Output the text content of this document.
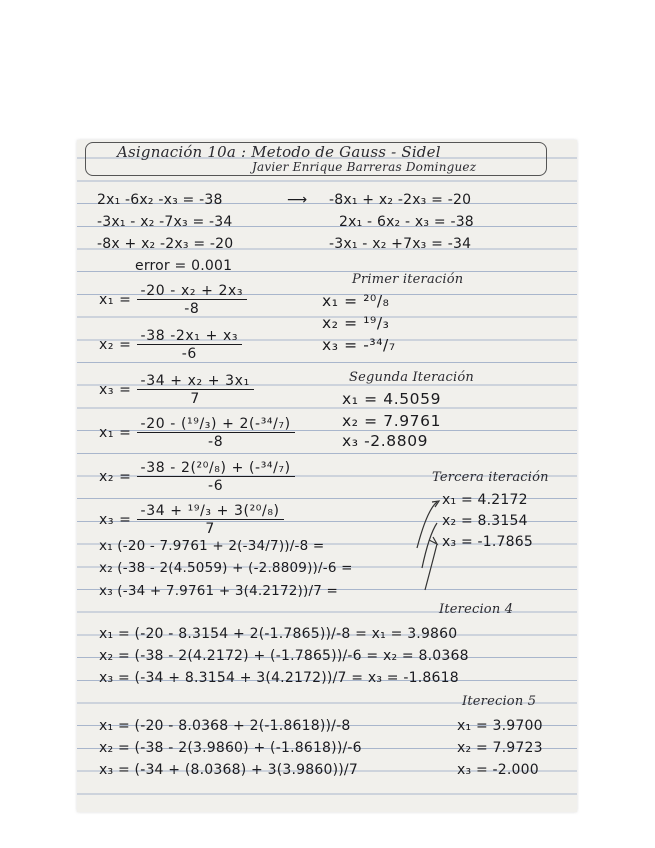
Asignación 10a : Metodo de Gauss - Sidel
Javier Enrique Barreras Dominguez
2x₁ -6x₂ -x₃ = -38
-3x₁ - x₂ -7x₃ = -34
-8x + x₂ -2x₃ = -20
error = 0.001
⟶ -8x₁ + x₂ -2x₃ = -20
2x₁ - 6x₂ - x₃ = -38
-3x₁ - x₂ +7x₃ = -34
$x_1 = \frac{\text{-20 - x₂ + 2x₃}}{-8}$
$x_2 = \frac{\text{-38 -2x₁ + x₃}}{-6}$
$x_3 = \frac{\text{-34 + x₂ + 3x₁}}{7}$
Primer iteración
x₁ = ²⁰/₈
x₂ = ¹⁹/₃
x₃ = -³⁴/₇
$x_1 = \frac{\text{-20 - (¹⁹/₃) + 2(-³⁴/₇)}}{-8}$
$x_2 = \frac{\text{-38 - 2(²⁰/₈) + (-³⁴/₇)}}{-6}$
$x_3 = \frac{\text{-34 + ¹⁹/₃ + 3(²⁰/₈)}}{7}$
Segunda Iteración
x₁ = 4.5059
x₂ = 7.9761
x₃ -2.8809
Tercera iteración
x₁ = 4.2172
x₂ = 8.3154
x₃ = -1.7865
x₁ (-20 - 7.9761 + 2(-34/7))/-8 =
x₂ (-38 - 2(4.5059) + (-2.8809))/-6 =
x₃ (-34 + 7.9761 + 3(4.2172))/7 =
Iterecion 4
x₁ = (-20 - 8.3154 + 2(-1.7865))/-8 = x₁ = 3.9860
x₂ = (-38 - 2(4.2172) + (-1.7865))/-6 = x₂ = 8.0368
x₃ = (-34 + 8.3154 + 3(4.2172))/7 = x₃ = -1.8618
Iterecion 5
x₁ = (-20 - 8.0368 + 2(-1.8618))/-8	x₁ = 3.9700
x₂ = (-38 - 2(3.9860) + (-1.8618))/-6	x₂ = 7.9723
x₃ = (-34 + (8.0368) + 3(3.9860))/7	x₃ = -2.000
